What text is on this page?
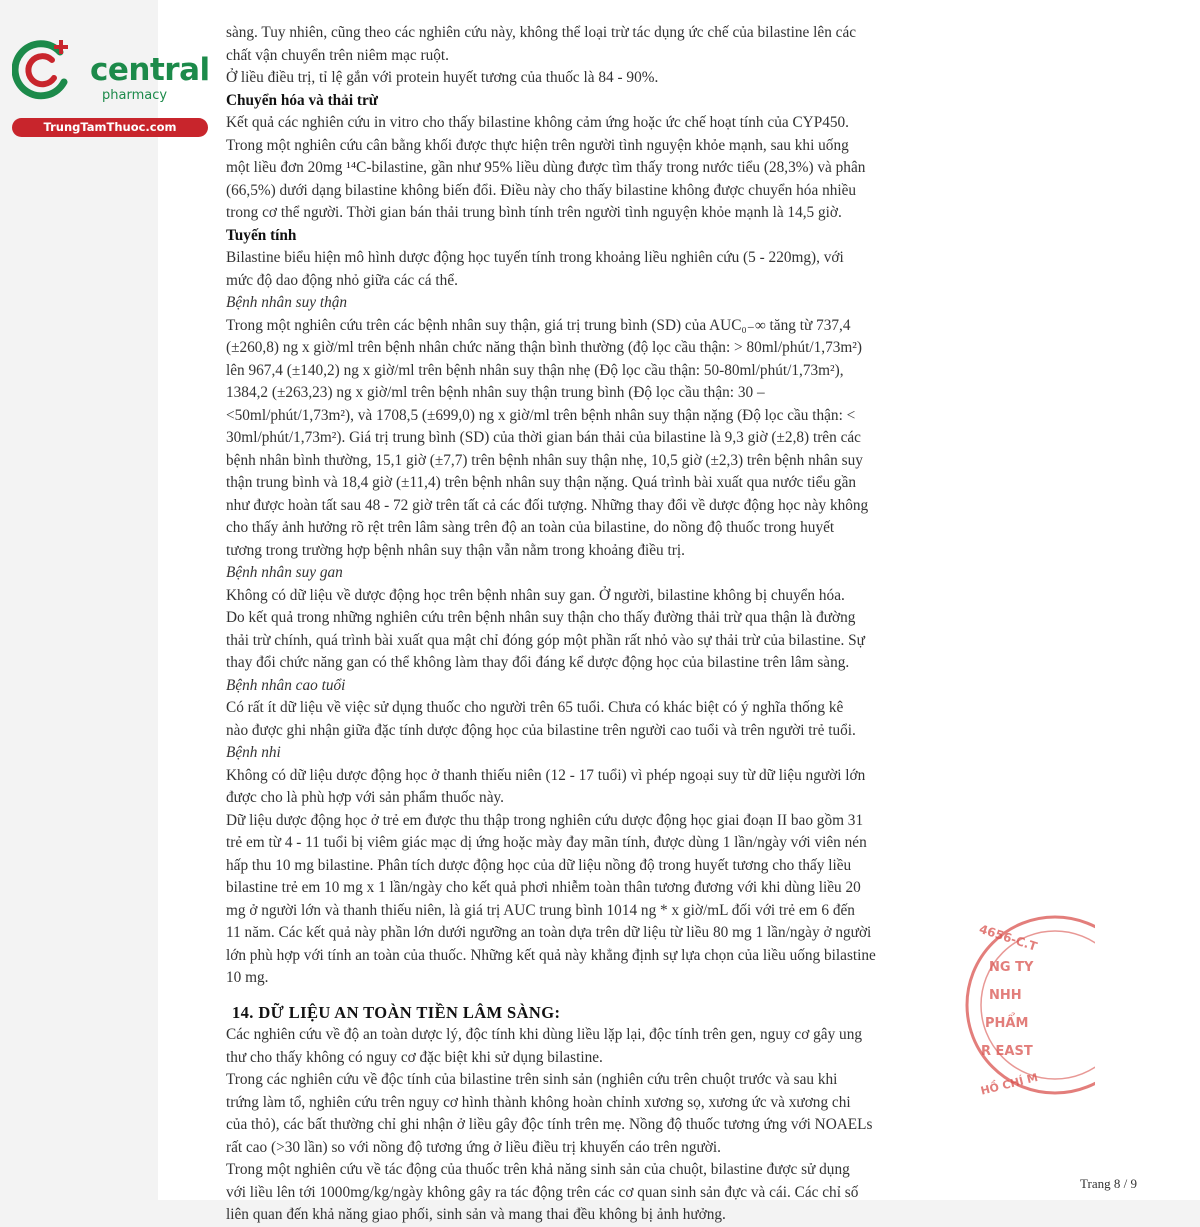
sàng. Tuy nhiên, cũng theo các nghiên cứu này, không thể loại trừ tác dụng ức chế của bilastine lên các

chất vận chuyển trên niêm mạc ruột.

Ở liều điều trị, tỉ lệ gắn với protein huyết tương của thuốc là 84 - 90%.

Chuyển hóa và thải trừ

Kết quả các nghiên cứu in vitro cho thấy bilastine không cảm ứng hoặc ức chế hoạt tính của CYP450.

Trong một nghiên cứu cân bằng khối được thực hiện trên người tình nguyện khỏe mạnh, sau khi uống

một liều đơn 20mg ¹⁴C-bilastine, gần như 95% liều dùng được tìm thấy trong nước tiểu (28,3%) và phân

(66,5%) dưới dạng bilastine không biến đổi. Điều này cho thấy bilastine không được chuyển hóa nhiều

trong cơ thể người. Thời gian bán thải trung bình tính trên người tình nguyện khỏe mạnh là 14,5 giờ.

Tuyến tính

Bilastine biểu hiện mô hình dược động học tuyến tính trong khoảng liều nghiên cứu (5 - 220mg), với

mức độ dao động nhỏ giữa các cá thể.

Bệnh nhân suy thận

Trong một nghiên cứu trên các bệnh nhân suy thận, giá trị trung bình (SD) của AUC₀₋∞ tăng từ 737,4

(±260,8) ng x giờ/ml trên bệnh nhân chức năng thận bình thường (độ lọc cầu thận: > 80ml/phút/1,73m²)

lên 967,4 (±140,2) ng x giờ/ml trên bệnh nhân suy thận nhẹ (Độ lọc cầu thận: 50-80ml/phút/1,73m²),

1384,2 (±263,23) ng x giờ/ml trên bệnh nhân suy thận trung bình (Độ lọc cầu thận: 30 –

<50ml/phút/1,73m²), và 1708,5 (±699,0) ng x giờ/ml trên bệnh nhân suy thận nặng (Độ lọc cầu thận: <

30ml/phút/1,73m²). Giá trị trung bình (SD) của thời gian bán thải của bilastine là 9,3 giờ (±2,8) trên các

bệnh nhân bình thường, 15,1 giờ (±7,7) trên bệnh nhân suy thận nhẹ, 10,5 giờ (±2,3) trên bệnh nhân suy

thận trung bình và 18,4 giờ (±11,4) trên bệnh nhân suy thận nặng. Quá trình bài xuất qua nước tiểu gần

như được hoàn tất sau 48 - 72 giờ trên tất cả các đối tượng. Những thay đổi về dược động học này không

cho thấy ảnh hưởng rõ rệt trên lâm sàng trên độ an toàn của bilastine, do nồng độ thuốc trong huyết

tương trong trường hợp bệnh nhân suy thận vẫn nằm trong khoảng điều trị.

Bệnh nhân suy gan

Không có dữ liệu về dược động học trên bệnh nhân suy gan. Ở người, bilastine không bị chuyển hóa.

Do kết quả trong những nghiên cứu trên bệnh nhân suy thận cho thấy đường thải trừ qua thận là đường

thải trừ chính, quá trình bài xuất qua mật chỉ đóng góp một phần rất nhỏ vào sự thải trừ của bilastine. Sự

thay đổi chức năng gan có thể không làm thay đổi đáng kể dược động học của bilastine trên lâm sàng.

Bệnh nhân cao tuổi

Có rất ít dữ liệu về việc sử dụng thuốc cho người trên 65 tuổi. Chưa có khác biệt có ý nghĩa thống kê

nào được ghi nhận giữa đặc tính dược động học của bilastine trên người cao tuổi và trên người trẻ tuổi.

Bệnh nhi

Không có dữ liệu dược động học ở thanh thiếu niên (12 - 17 tuổi) vì phép ngoại suy từ dữ liệu người lớn

được cho là phù hợp với sản phẩm thuốc này.

Dữ liệu dược động học ở trẻ em được thu thập trong nghiên cứu dược động học giai đoạn II bao gồm 31

trẻ em từ 4 - 11 tuổi bị viêm giác mạc dị ứng hoặc mày đay mãn tính, được dùng 1 lần/ngày với viên nén

hấp thu 10 mg bilastine. Phân tích dược động học của dữ liệu nồng độ trong huyết tương cho thấy liều

bilastine trẻ em 10 mg x 1 lần/ngày cho kết quả phơi nhiễm toàn thân tương đương với khi dùng liều 20

mg ở người lớn và thanh thiếu niên, là giá trị AUC trung bình 1014 ng * x giờ/mL đối với trẻ em 6 đến

11 năm. Các kết quả này phần lớn dưới ngưỡng an toàn dựa trên dữ liệu từ liều 80 mg 1 lần/ngày ở người

lớn phù hợp với tính an toàn của thuốc. Những kết quả này khẳng định sự lựa chọn của liều uống bilastine

10 mg.

14. DỮ LIỆU AN TOÀN TIỀN LÂM SÀNG:

Các nghiên cứu về độ an toàn dược lý, độc tính khi dùng liều lặp lại, độc tính trên gen, nguy cơ gây ung

thư cho thấy không có nguy cơ đặc biệt khi sử dụng bilastine.

Trong các nghiên cứu về độc tính của bilastine trên sinh sản (nghiên cứu trên chuột trước và sau khi

trứng làm tổ, nghiên cứu trên nguy cơ hình thành không hoàn chỉnh xương sọ, xương ức và xương chi

của thỏ), các bất thường chỉ ghi nhận ở liều gây độc tính trên mẹ. Nồng độ thuốc tương ứng với NOAELs

rất cao (>30 lần) so với nồng độ tương ứng ở liều điều trị khuyến cáo trên người.

Trong một nghiên cứu về tác động của thuốc trên khả năng sinh sản của chuột, bilastine được sử dụng

với liều lên tới 1000mg/kg/ngày không gây ra tác động trên các cơ quan sinh sản đực và cái. Các chỉ số

liên quan đến khả năng giao phối, sinh sản và mang thai đều không bị ảnh hưởng.

Trang 8 / 9
central
pharmacy
TrungTamThuoc.com
4656-C.T
NG TY
NHH
PHẨM
R EAST
HỒ CHÍ M
